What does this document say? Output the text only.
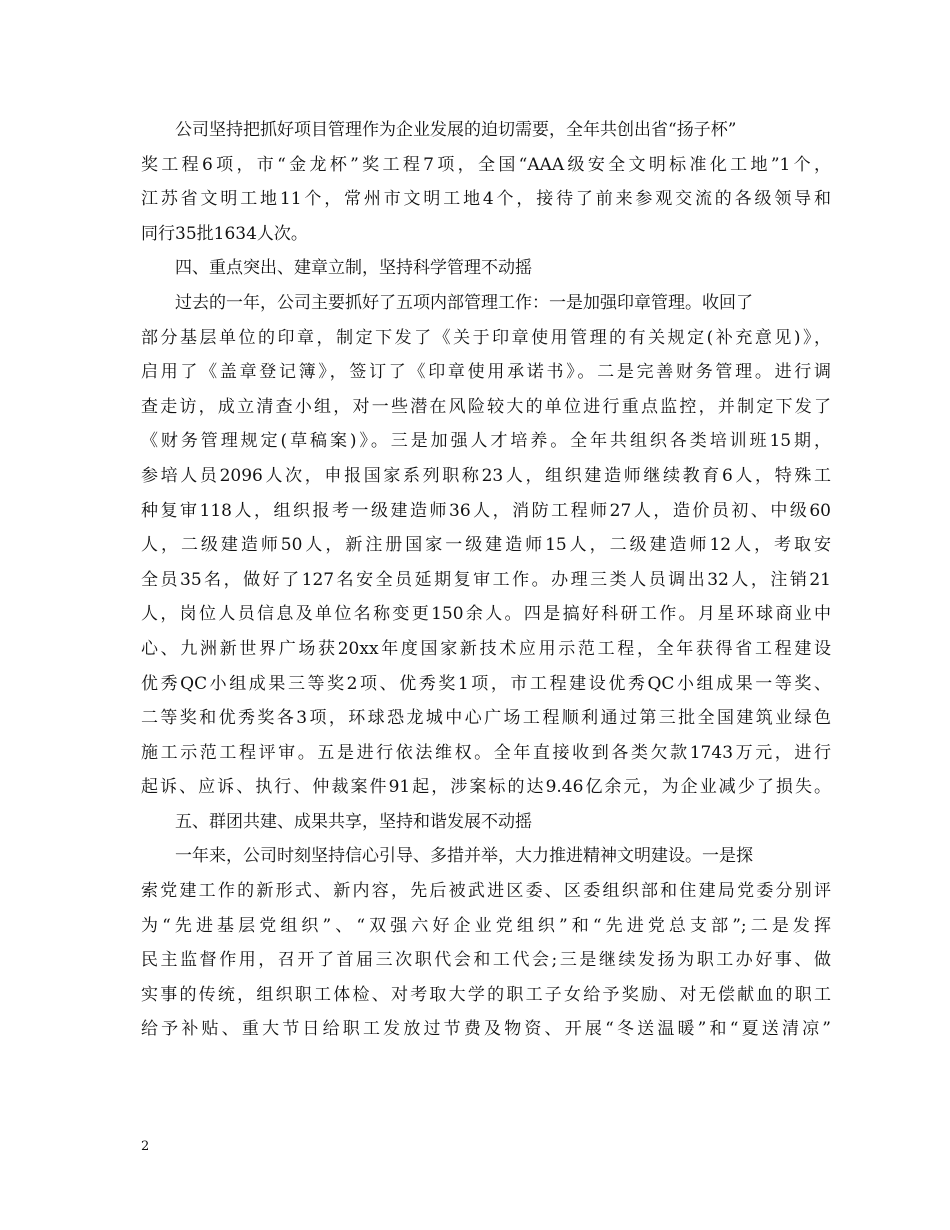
公司坚持把抓好项目管理作为企业发展的迫切需要，全年共创出省“扬子杯”
奖工程6项，市“金龙杯”奖工程7项，全国“AAA级安全文明标准化工地”1个，
江苏省文明工地11个，常州市文明工地4个，接待了前来参观交流的各级领导和
同行35批1634人次。
四、重点突出、建章立制，坚持科学管理不动摇
过去的一年，公司主要抓好了五项内部管理工作：一是加强印章管理。收回了
部分基层单位的印章，制定下发了《关于印章使用管理的有关规定(补充意见)》，
启用了《盖章登记簿》，签订了《印章使用承诺书》。二是完善财务管理。进行调
查走访，成立清查小组，对一些潜在风险较大的单位进行重点监控，并制定下发了
《财务管理规定(草稿案)》。三是加强人才培养。全年共组织各类培训班15期，
参培人员2096人次，申报国家系列职称23人，组织建造师继续教育6人，特殊工
种复审118人，组织报考一级建造师36人，消防工程师27人，造价员初、中级60
人，二级建造师50人，新注册国家一级建造师15人，二级建造师12人，考取安
全员35名，做好了127名安全员延期复审工作。办理三类人员调出32人，注销21
人，岗位人员信息及单位名称变更150余人。四是搞好科研工作。月星环球商业中
心、九洲新世界广场获20xx年度国家新技术应用示范工程，全年获得省工程建设
优秀QC小组成果三等奖2项、优秀奖1项，市工程建设优秀QC小组成果一等奖、
二等奖和优秀奖各3项，环球恐龙城中心广场工程顺利通过第三批全国建筑业绿色
施工示范工程评审。五是进行依法维权。全年直接收到各类欠款1743万元，进行
起诉、应诉、执行、仲裁案件91起，涉案标的达9.46亿余元，为企业减少了损失。
五、群团共建、成果共享，坚持和谐发展不动摇
一年来，公司时刻坚持信心引导、多措并举，大力推进精神文明建设。一是探
索党建工作的新形式、新内容，先后被武进区委、区委组织部和住建局党委分别评
为“先进基层党组织”、“双强六好企业党组织”和“先进党总支部”;二是发挥
民主监督作用，召开了首届三次职代会和工代会;三是继续发扬为职工办好事、做
实事的传统，组织职工体检、对考取大学的职工子女给予奖励、对无偿献血的职工
给予补贴、重大节日给职工发放过节费及物资、开展“冬送温暖”和“夏送清凉”
2
